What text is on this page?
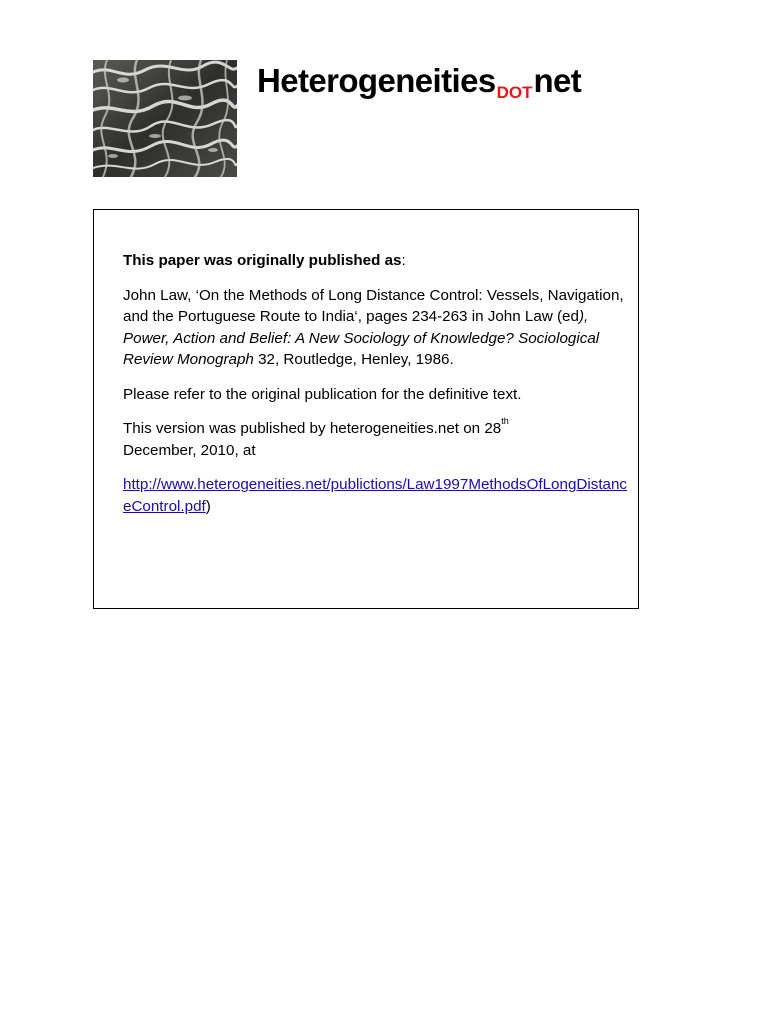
HeterogeneitiesDOTnet

This paper was originally published as:

John Law, ‘On the Methods of Long Distance Control: Vessels, Navigation, and the Portuguese Route to India‘, pages 234-263 in John Law (ed), Power, Action and Belief: A New Sociology of Knowledge? Sociological Review Monograph 32, Routledge, Henley, 1986.

Please refer to the original publication for the definitive text.

This version was published by heterogeneities.net on 28th
December, 2010, at

http://www.heterogeneities.net/publictions/Law1997MethodsOfLongDistanceControl.pdf)
